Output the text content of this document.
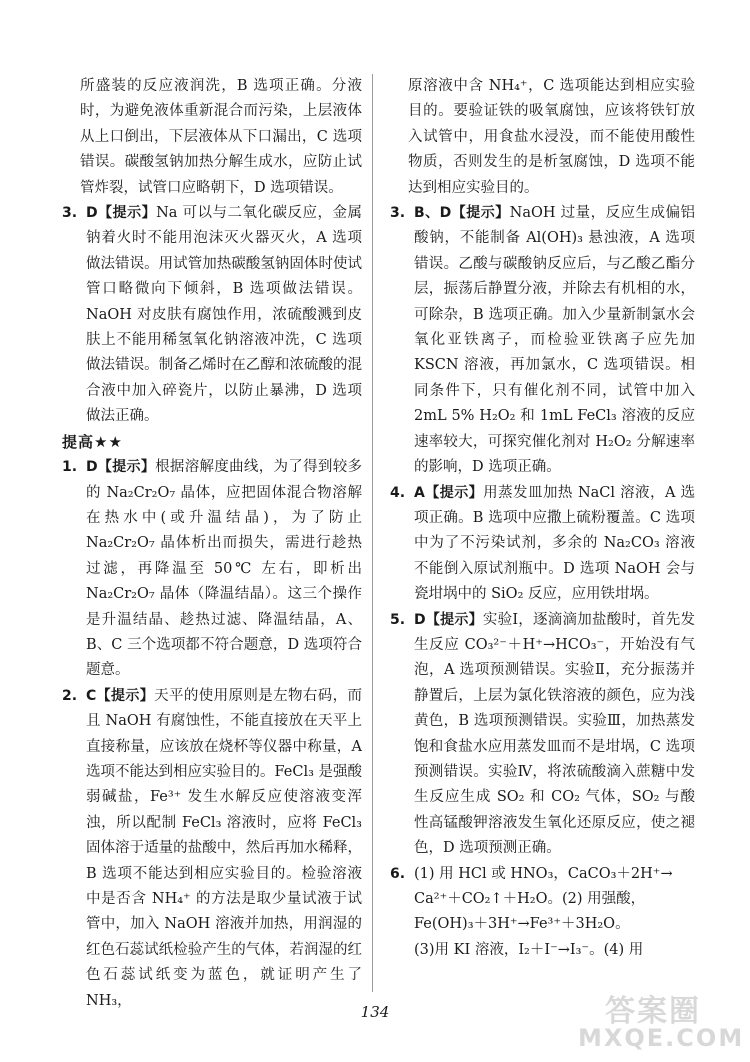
所盛装的反应液润洗，B 选项正确。分液时，为避免液体重新混合而污染，上层液体从上口倒出，下层液体从下口漏出，C 选项错误。碳酸氢钠加热分解生成水，应防止试管炸裂，试管口应略朝下，D 选项错误。

3. D【提示】Na 可以与二氧化碳反应，金属钠着火时不能用泡沫灭火器灭火，A 选项做法错误。用试管加热碳酸氢钠固体时使试管口略微向下倾斜，B 选项做法错误。NaOH 对皮肤有腐蚀作用，浓硫酸溅到皮肤上不能用稀氢氧化钠溶液冲洗，C 选项做法错误。制备乙烯时在乙醇和浓硫酸的混合液中加入碎瓷片，以防止暴沸，D 选项做法正确。

提高★★

1. D【提示】根据溶解度曲线，为了得到较多的 Na₂Cr₂O₇ 晶体，应把固体混合物溶解在热水中(或升温结晶)，为了防止 Na₂Cr₂O₇ 晶体析出而损失，需进行趁热过滤，再降温至 50℃ 左右，即析出 Na₂Cr₂O₇ 晶体（降温结晶）。这三个操作是升温结晶、趁热过滤、降温结晶，A、B、C 三个选项都不符合题意，D 选项符合题意。
2. C【提示】天平的使用原则是左物右码，而且 NaOH 有腐蚀性，不能直接放在天平上直接称量，应该放在烧杯等仪器中称量，A 选项不能达到相应实验目的。FeCl₃ 是强酸弱碱盐，Fe³⁺ 发生水解反应使溶液变浑浊，所以配制 FeCl₃ 溶液时，应将 FeCl₃ 固体溶于适量的盐酸中，然后再加水稀释，B 选项不能达到相应实验目的。检验溶液中是否含 NH₄⁺ 的方法是取少量试液于试管中，加入 NaOH 溶液并加热，用润湿的红色石蕊试纸检验产生的气体，若润湿的红色石蕊试纸变为蓝色，就证明产生了 NH₃，

原溶液中含 NH₄⁺，C 选项能达到相应实验目的。要验证铁的吸氧腐蚀，应该将铁钉放入试管中，用食盐水浸没，而不能使用酸性物质，否则发生的是析氢腐蚀，D 选项不能达到相应实验目的。

3. B、D【提示】NaOH 过量，反应生成偏铝酸钠，不能制备 Al(OH)₃ 悬浊液，A 选项错误。乙酸与碳酸钠反应后，与乙酸乙酯分层，振荡后静置分液，并除去有机相的水，可除杂，B 选项正确。加入少量新制氯水会氧化亚铁离子，而检验亚铁离子应先加 KSCN 溶液，再加氯水，C 选项错误。相同条件下，只有催化剂不同，试管中加入 2mL 5% H₂O₂ 和 1mL FeCl₃ 溶液的反应速率较大，可探究催化剂对 H₂O₂ 分解速率的影响，D 选项正确。
4. A【提示】用蒸发皿加热 NaCl 溶液，A 选项正确。B 选项中应撒上硫粉覆盖。C 选项中为了不污染试剂，多余的 Na₂CO₃ 溶液不能倒入原试剂瓶中。D 选项 NaOH 会与瓷坩埚中的 SiO₂ 反应，应用铁坩埚。
5. D【提示】实验Ⅰ，逐滴滴加盐酸时，首先发生反应 CO₃²⁻＋H⁺→HCO₃⁻，开始没有气泡，A 选项预测错误。实验Ⅱ，充分振荡并静置后，上层为氯化铁溶液的颜色，应为浅黄色，B 选项预测错误。实验Ⅲ，加热蒸发饱和食盐水应用蒸发皿而不是坩埚，C 选项预测错误。实验Ⅳ，将浓硫酸滴入蔗糖中发生反应生成 SO₂ 和 CO₂ 气体，SO₂ 与酸性高锰酸钾溶液发生氧化还原反应，使之褪色，D 选项预测正确。
6. (1) 用 HCl 或 HNO₃，CaCO₃＋2H⁺→
Ca²⁺＋CO₂↑＋H₂O。(2) 用强酸，
Fe(OH)₃＋3H⁺→Fe³⁺＋3H₂O。
(3)用 KI 溶液，I₂＋I⁻→I₃⁻。(4) 用
134	答案圈
MXQE.COM
